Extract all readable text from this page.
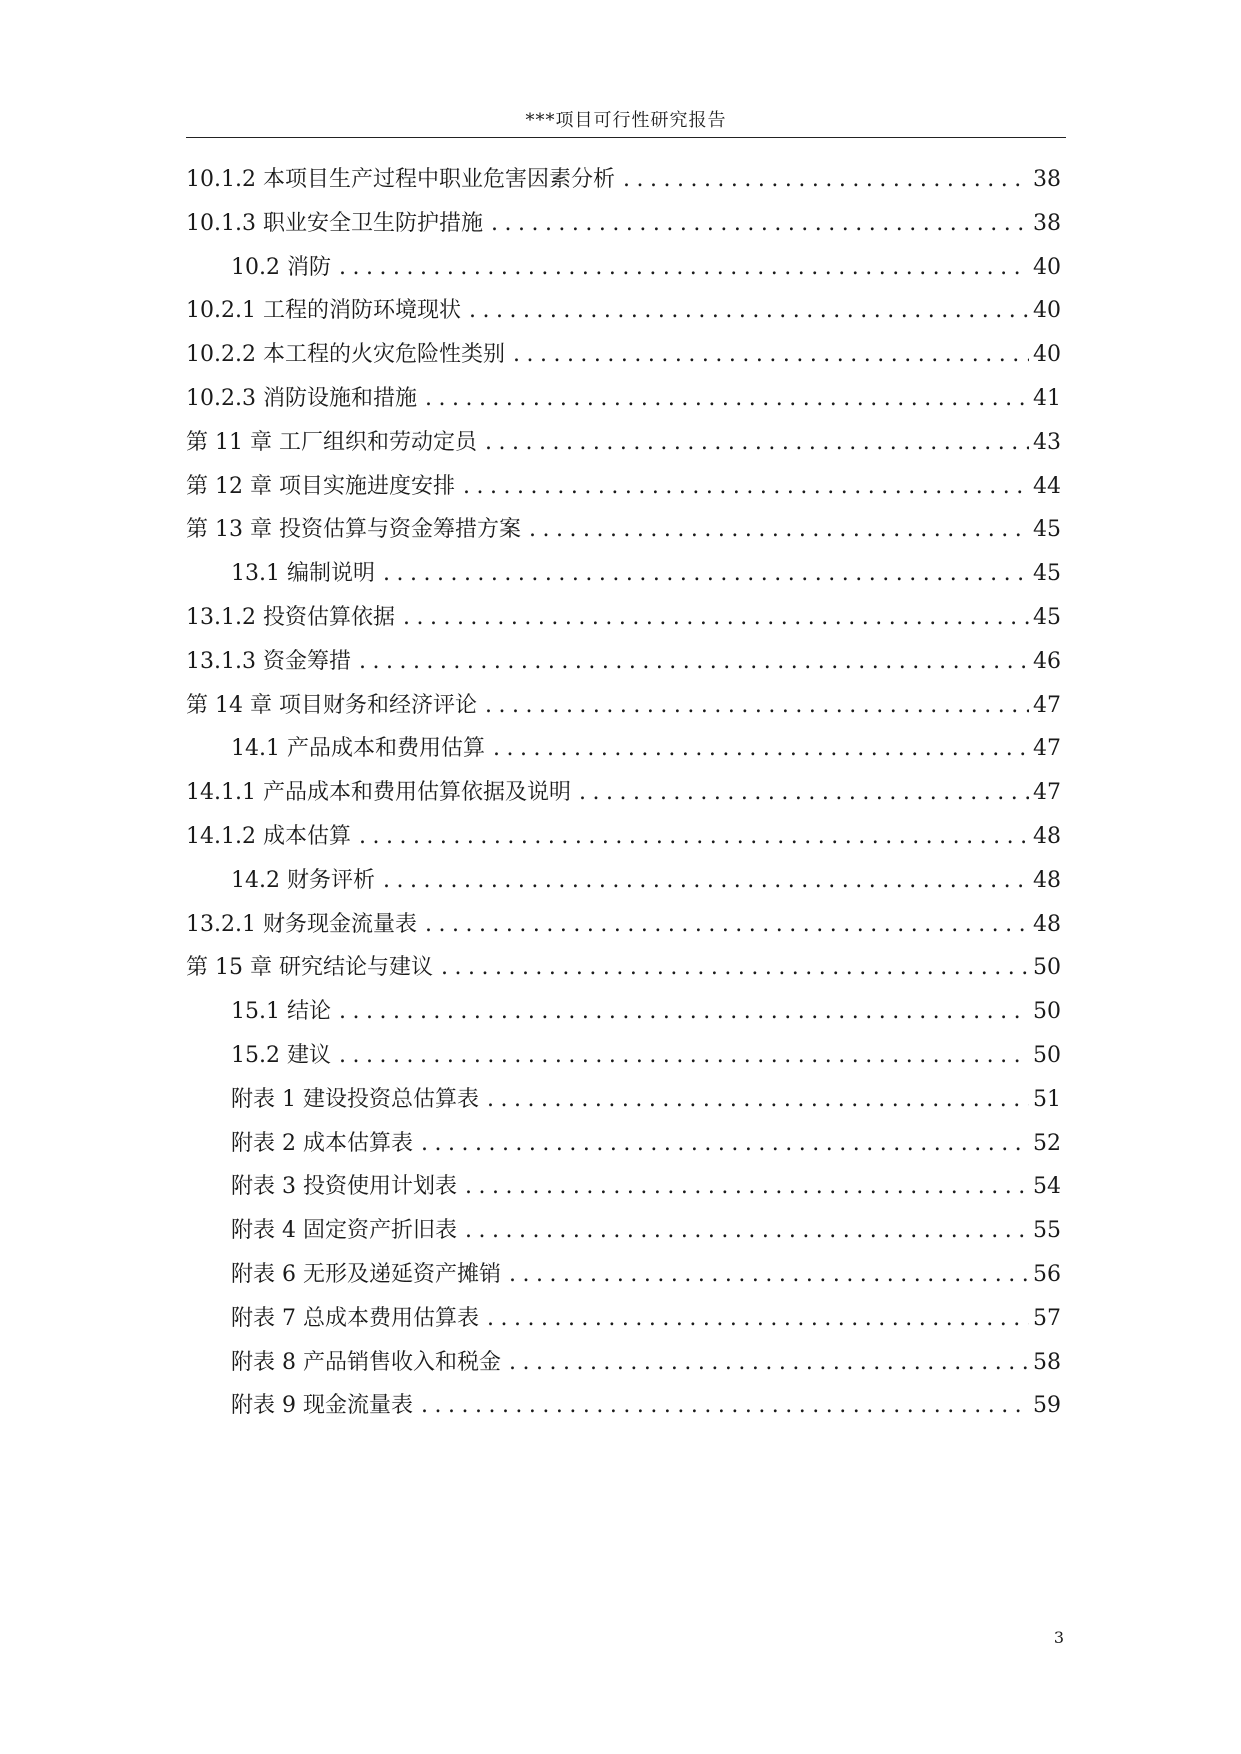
***项目可行性研究报告
10.1.2 本项目生产过程中职业危害因素分析 .....	38
10.1.3 职业安全卫生防护措施 .....	38
10.2 消防 .....	40
10.2.1 工程的消防环境现状 .....	40
10.2.2 本工程的火灾危险性类别 .....	40
10.2.3 消防设施和措施 .....	41
第 11 章 工厂组织和劳动定员 .....	43
第 12 章 项目实施进度安排 .....	44
第 13 章 投资估算与资金筹措方案 .....	45
13.1 编制说明 .....	45
13.1.2 投资估算依据 .....	45
13.1.3 资金筹措 .....	46
第 14 章 项目财务和经济评论 .....	47
14.1 产品成本和费用估算 .....	47
14.1.1 产品成本和费用估算依据及说明 .....	47
14.1.2 成本估算 .....	48
14.2 财务评析 .....	48
13.2.1 财务现金流量表 .....	48
第 15 章 研究结论与建议 .....	50
15.1 结论 .....	50
15.2 建议 .....	50
附表 1 建设投资总估算表 .....	51
附表 2 成本估算表 .....	52
附表 3 投资使用计划表 .....	54
附表 4 固定资产折旧表 .....	55
附表 6 无形及递延资产摊销 .....	56
附表 7 总成本费用估算表 .....	57
附表 8 产品销售收入和税金 .....	58
附表 9 现金流量表 .....	59
3
